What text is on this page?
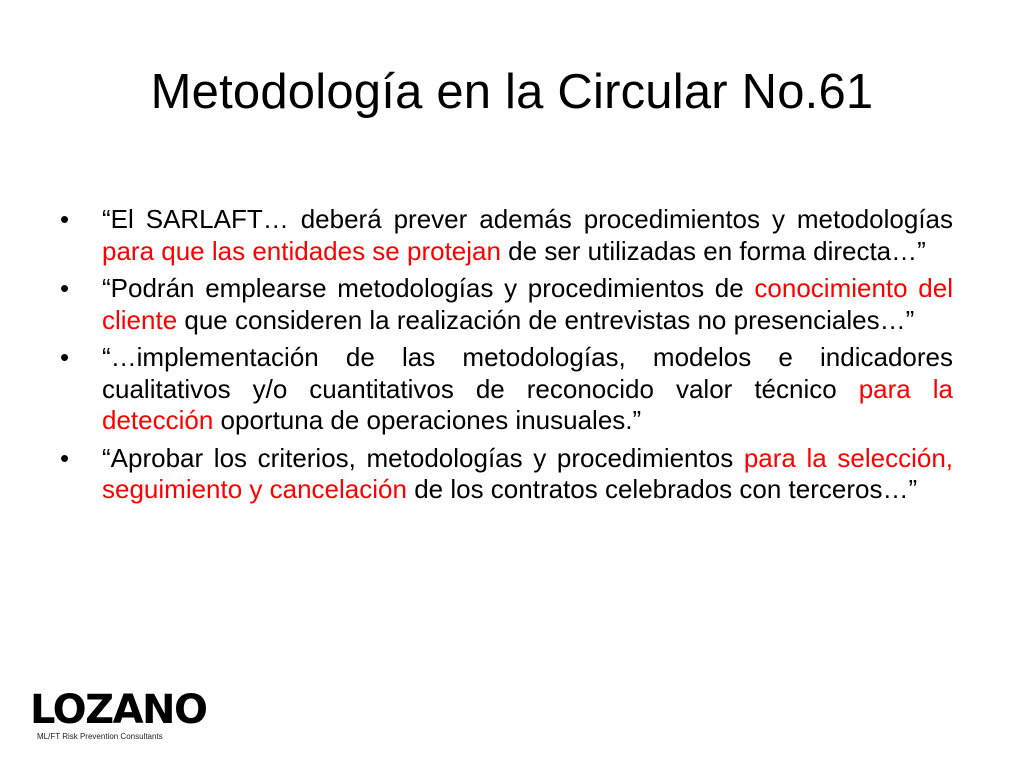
Metodología en la Circular No.61
• “El SARLAFT… deberá prever además procedimientos y metodologías para que las entidades se protejan de ser utilizadas en forma directa…”
• “Podrán emplearse metodologías y procedimientos de conocimiento del cliente que consideren la realización de entrevistas no presenciales…”
• “…implementación de las metodologías, modelos e indicadores cualitativos y/o cuantitativos de reconocido valor técnico para la detección oportuna de operaciones inusuales.”
• “Aprobar los criterios, metodologías y procedimientos para la selección, seguimiento y cancelación de los contratos celebrados con terceros…”
LOZANO
ML/FT Risk Prevention Consultants
